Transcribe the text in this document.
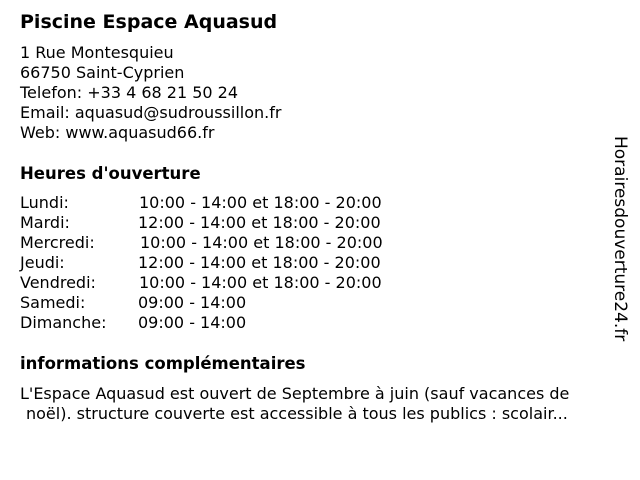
Piscine Espace Aquasud
1 Rue Montesquieu
66750 Saint-Cyprien
Telefon: +33 4 68 21 50 24
Email: aquasud@sudroussillon.fr
Web: www.aquasud66.fr
Heures d'ouverture
Lundi:	10:00 - 14:00 et 18:00 - 20:00
Mardi:	12:00 - 14:00 et 18:00 - 20:00
Mercredi:	10:00 - 14:00 et 18:00 - 20:00
Jeudi:	12:00 - 14:00 et 18:00 - 20:00
Vendredi:	10:00 - 14:00 et 18:00 - 20:00
Samedi:	09:00 - 14:00
Dimanche: 09:00 - 14:00
informations complémentaires
L'Espace Aquasud est ouvert de Septembre à juin (sauf vacances de
noël). structure couverte est accessible à tous les publics : scolair...
Horairesdouverture24.fr
